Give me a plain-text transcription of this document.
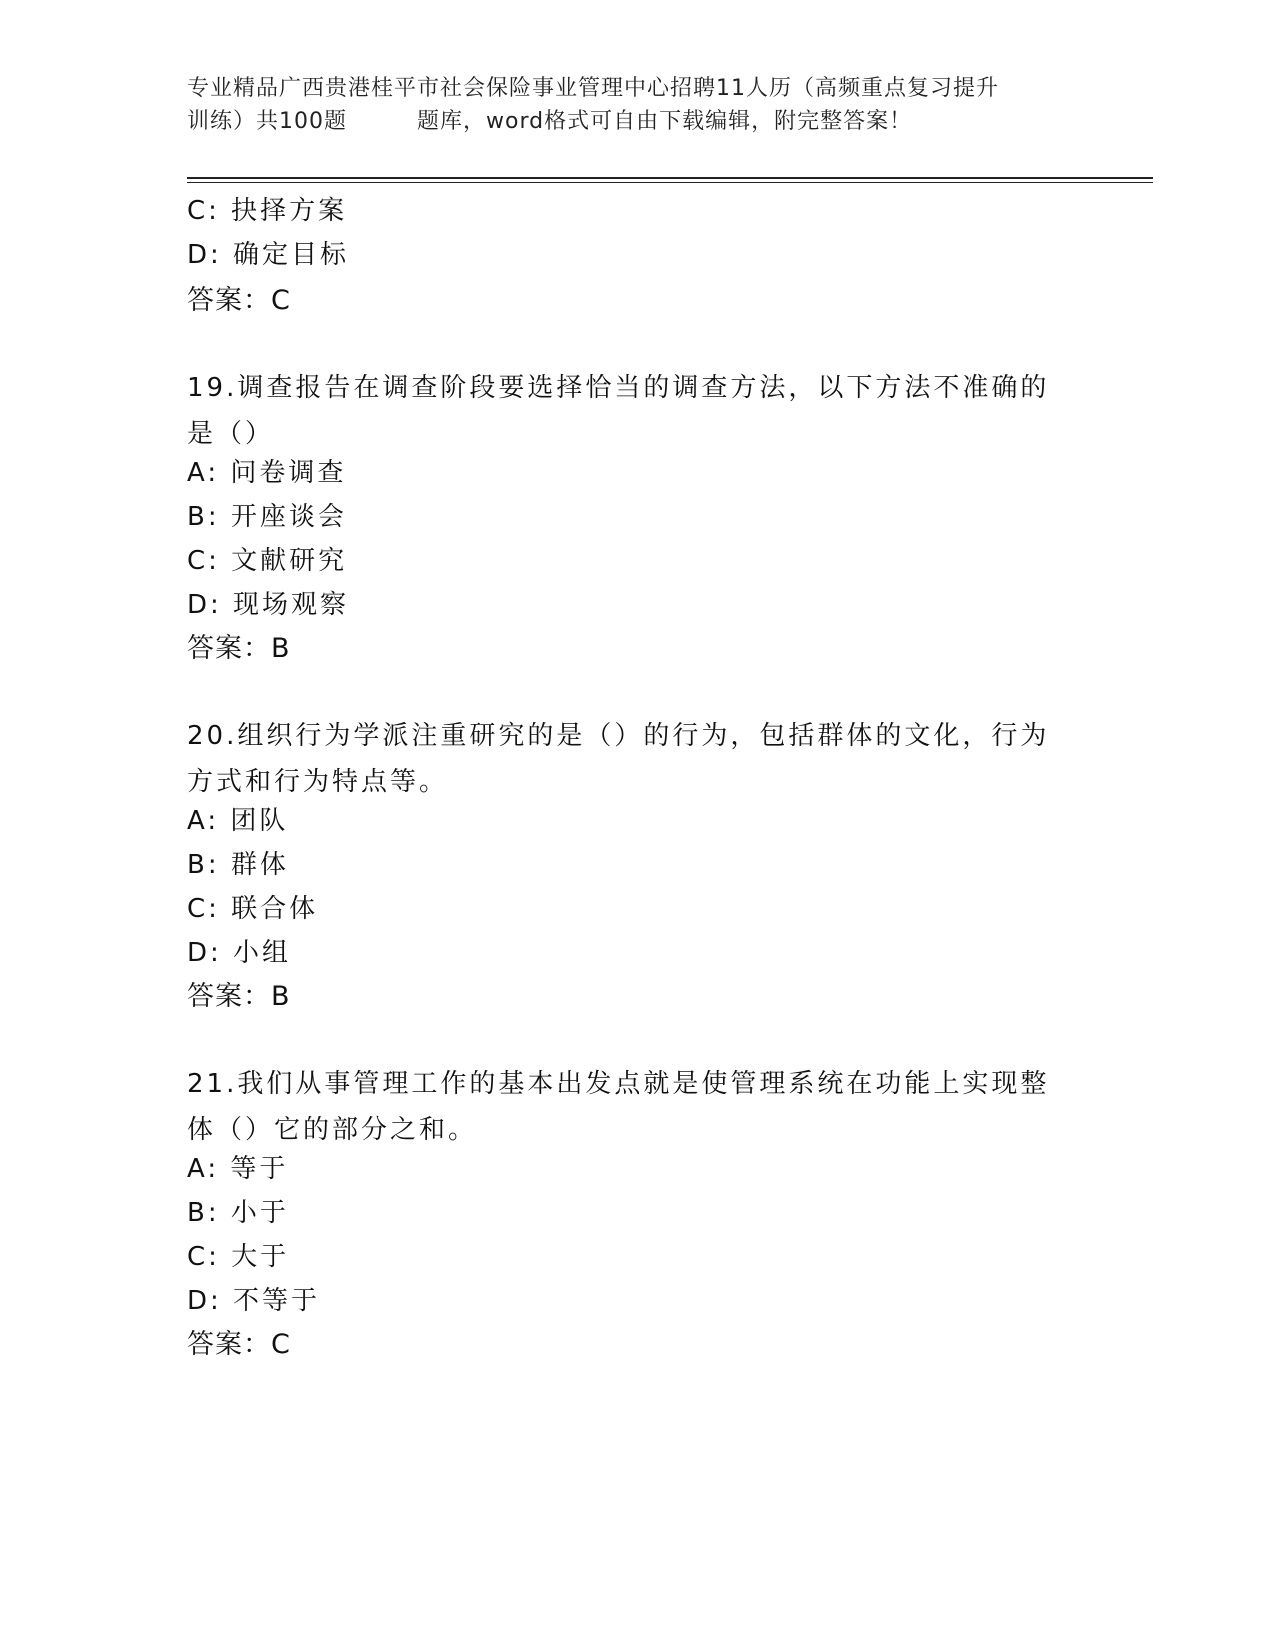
专业精品广西贵港桂平市社会保险事业管理中心招聘11人历（高频重点复习提升
训练）共100题	题库，word格式可自由下载编辑，附完整答案！
C: 抉择方案
D: 确定目标
答案：C
19.调查报告在调查阶段要选择恰当的调查方法，以下方法不准确的是（）
A: 问卷调查
B: 开座谈会
C: 文献研究
D: 现场观察
答案：B
20.组织行为学派注重研究的是（）的行为，包括群体的文化，行为方式和行为特点等。
A: 团队
B: 群体
C: 联合体
D: 小组
答案：B
21.我们从事管理工作的基本出发点就是使管理系统在功能上实现整体（）它的部分之和。
A: 等于
B: 小于
C: 大于
D: 不等于
答案：C
